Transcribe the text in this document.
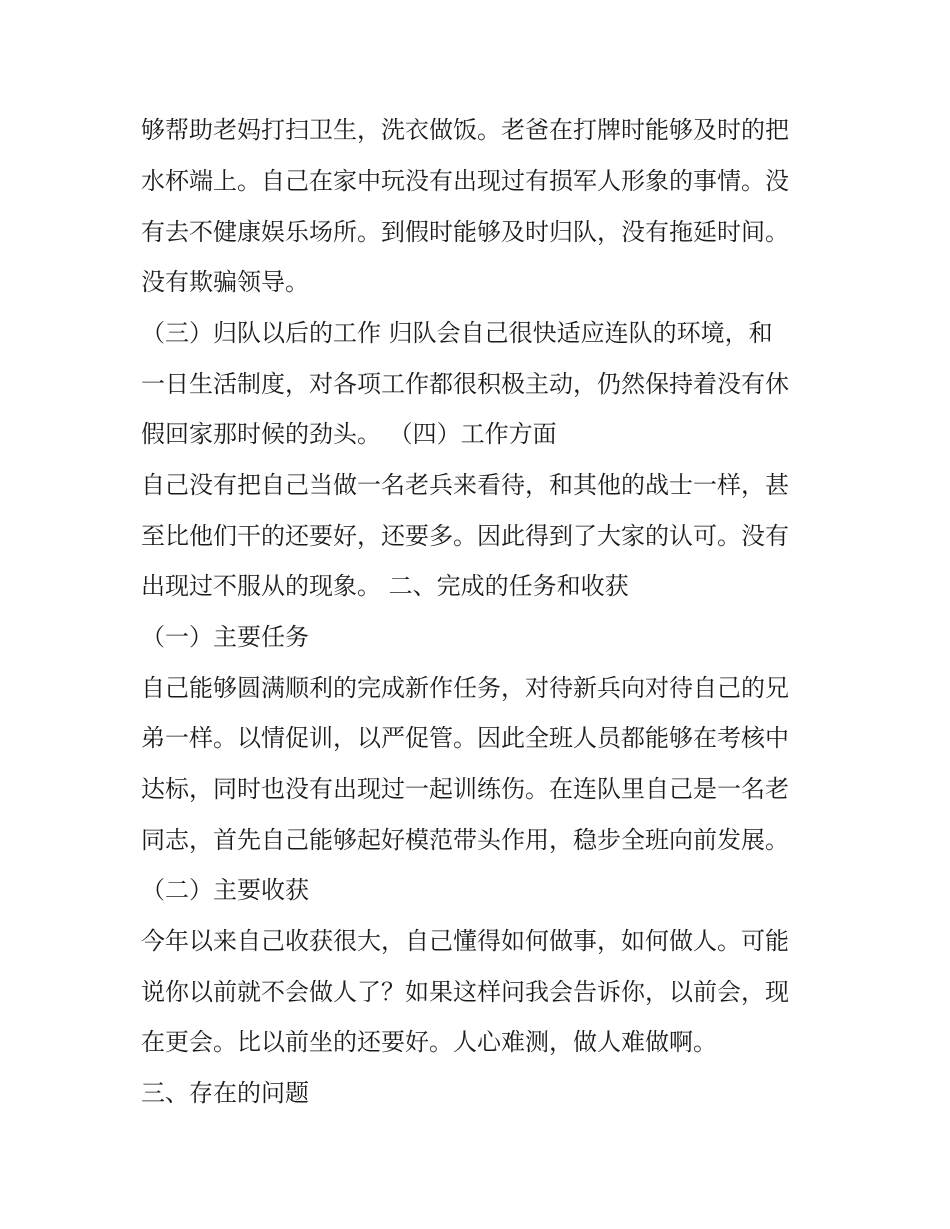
够帮助老妈打扫卫生，洗衣做饭。老爸在打牌时能够及时的把

水杯端上。自己在家中玩没有出现过有损军人形象的事情。没

有去不健康娱乐场所。到假时能够及时归队，没有拖延时间。

没有欺骗领导。

（三）归队以后的工作 归队会自己很快适应连队的环境，和

一日生活制度，对各项工作都很积极主动，仍然保持着没有休

假回家那时候的劲头。 （四）工作方面

自己没有把自己当做一名老兵来看待，和其他的战士一样，甚

至比他们干的还要好，还要多。因此得到了大家的认可。没有

出现过不服从的现象。 二、完成的任务和收获

（一）主要任务

自己能够圆满顺利的完成新作任务，对待新兵向对待自己的兄

弟一样。以情促训，以严促管。因此全班人员都能够在考核中

达标，同时也没有出现过一起训练伤。在连队里自己是一名老

同志，首先自己能够起好模范带头作用，稳步全班向前发展。

（二）主要收获

今年以来自己收获很大，自己懂得如何做事，如何做人。可能

说你以前就不会做人了？如果这样问我会告诉你，以前会，现

在更会。比以前坐的还要好。人心难测，做人难做啊。

三、存在的问题
